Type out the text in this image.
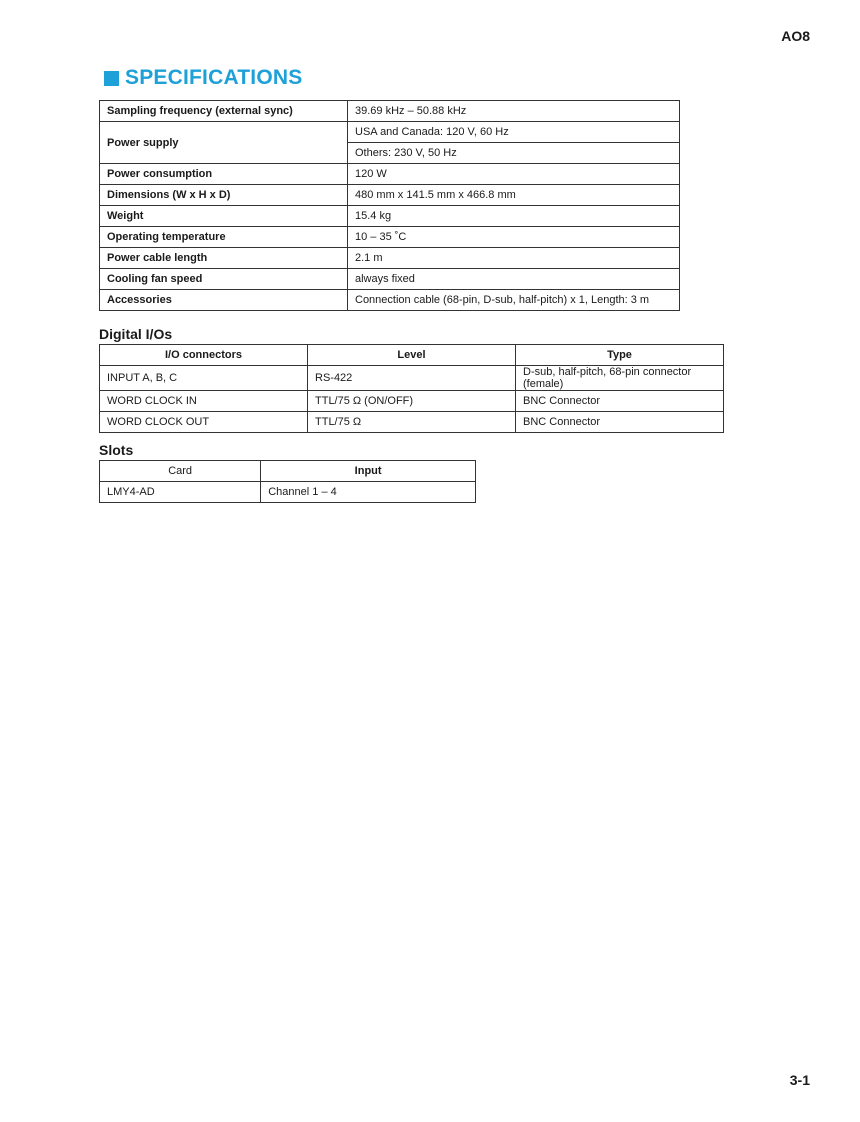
AO8
SPECIFICATIONS
Sampling frequency (external sync)	39.69 kHz – 50.88 kHz
Power supply	USA and Canada: 120 V, 60 Hz
	Others: 230 V, 50 Hz
Power consumption	120 W
Dimensions (W x H x D)	480 mm x 141.5 mm x 466.8 mm
Weight	15.4 kg
Operating temperature	10 – 35 ˚C
Power cable length	2.1 m
Cooling fan speed	always fixed
Accessories	Connection cable (68-pin, D-sub, half-pitch) x 1, Length: 3 m
Digital I/Os
I/O connectors	Level	Type
INPUT A, B, C	RS-422	D-sub, half-pitch, 68-pin connector (female)
WORD CLOCK IN	TTL/75 Ω (ON/OFF)	BNC Connector
WORD CLOCK OUT	TTL/75 Ω	BNC Connector
Slots
Card	Input
LMY4-AD	Channel 1 – 4
3-1
